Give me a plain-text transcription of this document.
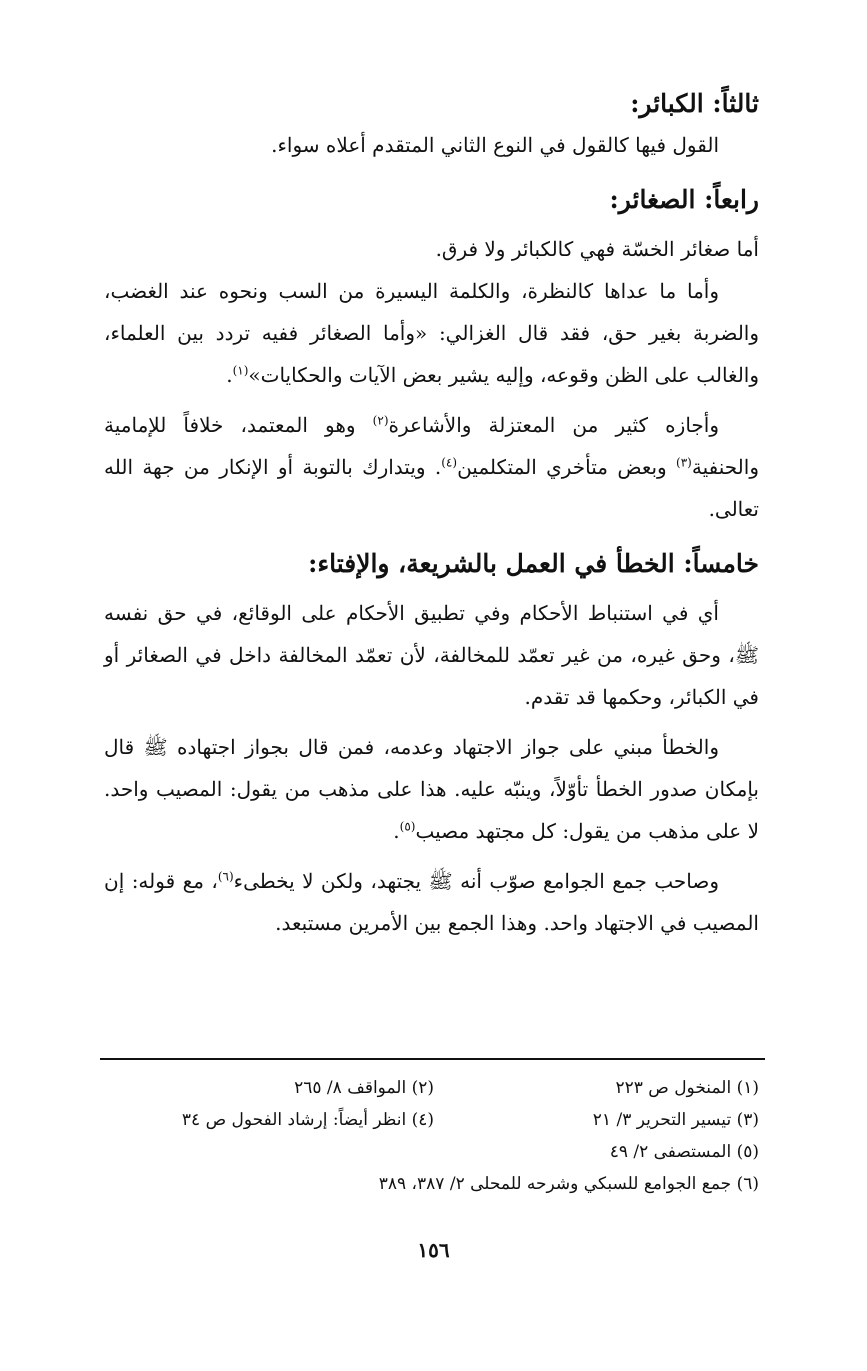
ثالثاً: الكبائر:

القول فيها كالقول في النوع الثاني المتقدم أعلاه سواء.

رابعاً: الصغائر:

أما صغائر الخسّة فهي كالكبائر ولا فرق.

وأما ما عداها كالنظرة، والكلمة اليسيرة من السب ونحوه عند الغضب، والضربة بغير حق، فقد قال الغزالي: «وأما الصغائر ففيه تردد بين العلماء، والغالب على الظن وقوعه، وإليه يشير بعض الآيات والحكايات»$^{(١)}$.

وأجازه كثير من المعتزلة والأشاعرة$^{(٢)}$ وهو المعتمد، خلافاً للإمامية والحنفية$^{(٣)}$ وبعض متأخري المتكلمين$^{(٤)}$. ويتدارك بالتوبة أو الإنكار من جهة الله تعالى.

خامساً: الخطأ في العمل بالشريعة، والإفتاء:

أي في استنباط الأحكام وفي تطبيق الأحكام على الوقائع، في حق نفسه ﷺ، وحق غيره، من غير تعمّد للمخالفة، لأن تعمّد المخالفة داخل في الصغائر أو في الكبائر، وحكمها قد تقدم.

والخطأ مبني على جواز الاجتهاد وعدمه، فمن قال بجواز اجتهاده ﷺ قال بإمكان صدور الخطأ تأوّلاً، وينبّه عليه. هذا على مذهب من يقول: المصيب واحد. لا على مذهب من يقول: كل مجتهد مصيب$^{(٥)}$.

وصاحب جمع الجوامع صوّب أنه ﷺ يجتهد، ولكن لا يخطىء$^{(٦)}$، مع قوله: إن المصيب في الاجتهاد واحد. وهذا الجمع بين الأمرين مستبعد.

(١) المنخول ص ٢٢٣
(٢) المواقف ٨/ ٢٦٥
(٣) تيسير التحرير ٣/ ٢١
(٤) انظر أيضاً: إرشاد الفحول ص ٣٤
(٥) المستصفى ٢/ ٤٩
(٦) جمع الجوامع للسبكي وشرحه للمحلى ٢/ ٣٨٧، ٣٨٩
١٥٦
